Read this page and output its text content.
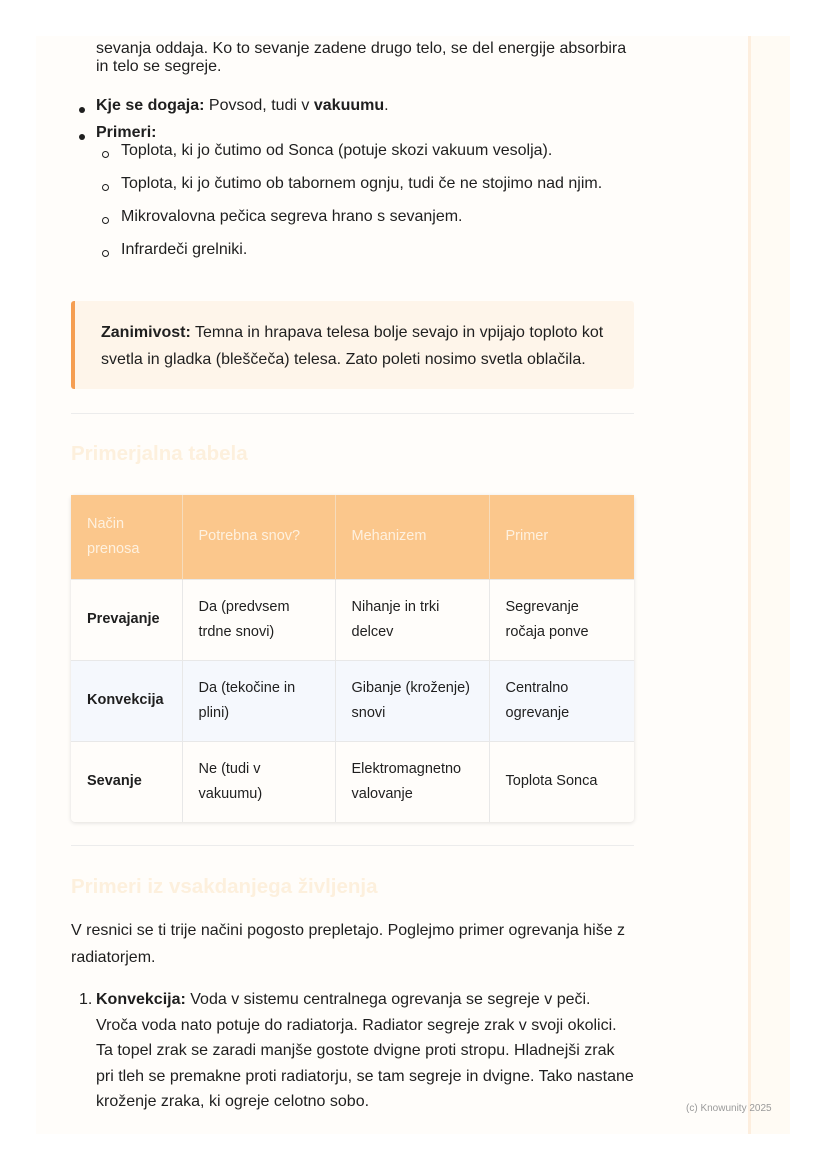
sevanja oddaja. Ko to sevanje zadene drugo telo, se del energije absorbira in telo se segreje.
Kje se dogaja: Povsod, tudi v vakuumu.
Primeri:
Toplota, ki jo čutimo od Sonca (potuje skozi vakuum vesolja).
Toplota, ki jo čutimo ob tabornem ognju, tudi če ne stojimo nad njim.
Mikrovalovna pečica segreva hrano s sevanjem.
Infrardeči grelniki.
Zanimivost: Temna in hrapava telesa bolje sevajo in vpijajo toploto kot svetla in gladka (bleščeča) telesa. Zato poleti nosimo svetla oblačila.
Primerjalna tabela
Način prenosa	Potrebna snov?	Mehanizem	Primer
Prevajanje	Da (predvsem trdne snovi)	Nihanje in trki delcev	Segrevanje ročaja ponve
Konvekcija	Da (tekočine in plini)	Gibanje (kroženje) snovi	Centralno ogrevanje
Sevanje	Ne (tudi v vakuumu)	Elektromagnetno valovanje	Toplota Sonca
Primeri iz vsakdanjega življenja
V resnici se ti trije načini pogosto prepletajo. Poglejmo primer ogrevanja hiše z radiatorjem.
1. Konvekcija: Voda v sistemu centralnega ogrevanja se segreje v peči. Vroča voda nato potuje do radiatorja. Radiator segreje zrak v svoji okolici. Ta topel zrak se zaradi manjše gostote dvigne proti stropu. Hladnejši zrak pri tleh se premakne proti radiatorju, se tam segreje in dvigne. Tako nastane kroženje zraka, ki ogreje celotno sobo.	(c) Knowunity 2025
